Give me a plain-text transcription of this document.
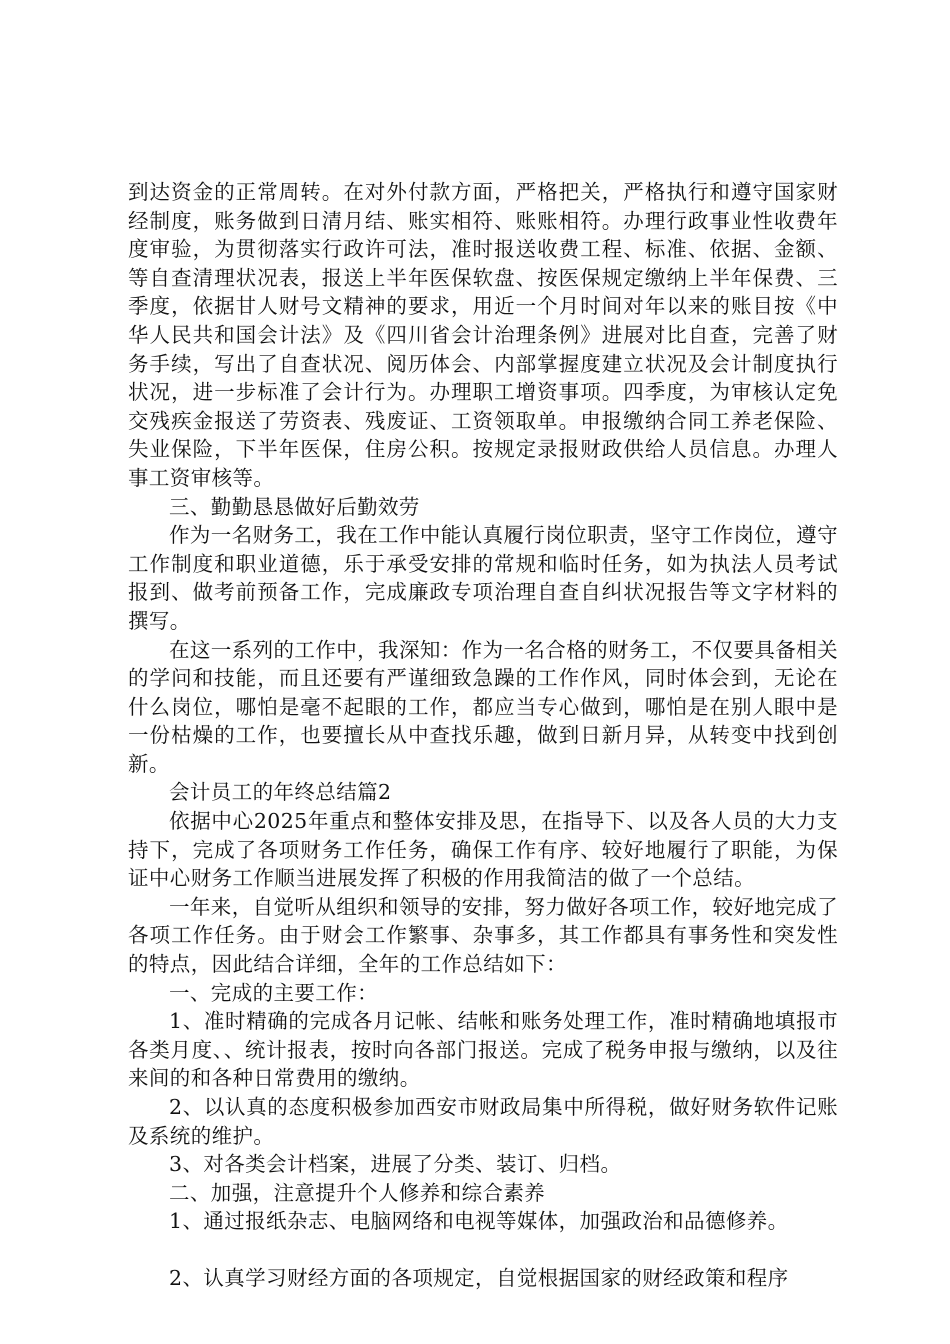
到达资金的正常周转。在对外付款方面，严格把关，严格执行和遵守国家财经制度，账务做到日清月结、账实相符、账账相符。办理行政事业性收费年度审验，为贯彻落实行政许可法，准时报送收费工程、标准、依据、金额、等自查清理状况表，报送上半年医保软盘、按医保规定缴纳上半年保费、三季度，依据甘人财号文精神的要求，用近一个月时间对年以来的账目按《中华人民共和国会计法》及《四川省会计治理条例》进展对比自查，完善了财务手续，写出了自查状况、阅历体会、内部掌握度建立状况及会计制度执行状况，进一步标准了会计行为。办理职工增资事项。四季度，为审核认定免交残疾金报送了劳资表、残废证、工资领取单。申报缴纳合同工养老保险、失业保险，下半年医保，住房公积。按规定录报财政供给人员信息。办理人事工资审核等。

三、勤勤恳恳做好后勤效劳

作为一名财务工，我在工作中能认真履行岗位职责，坚守工作岗位，遵守工作制度和职业道德，乐于承受安排的常规和临时任务，如为执法人员考试报到、做考前预备工作，完成廉政专项治理自查自纠状况报告等文字材料的撰写。

在这一系列的工作中，我深知：作为一名合格的财务工，不仅要具备相关的学问和技能，而且还要有严谨细致急躁的工作作风，同时体会到，无论在什么岗位，哪怕是毫不起眼的工作，都应当专心做到，哪怕是在别人眼中是一份枯燥的工作，也要擅长从中查找乐趣，做到日新月异，从转变中找到创新。

会计员工的年终总结篇2

依据中心2025年重点和整体安排及思，在指导下、以及各人员的大力支持下，完成了各项财务工作任务，确保工作有序、较好地履行了职能，为保证中心财务工作顺当进展发挥了积极的作用我简洁的做了一个总结。

一年来，自觉听从组织和领导的安排，努力做好各项工作，较好地完成了各项工作任务。由于财会工作繁事、杂事多，其工作都具有事务性和突发性的特点，因此结合详细，全年的工作总结如下：

一、完成的主要工作：

1、准时精确的完成各月记帐、结帐和账务处理工作，准时精确地填报市各类月度、、统计报表，按时向各部门报送。完成了税务申报与缴纳，以及往来间的和各种日常费用的缴纳。

2、以认真的态度积极参加西安市财政局集中所得税，做好财务软件记账及系统的维护。

3、对各类会计档案，进展了分类、装订、归档。

二、加强，注意提升个人修养和综合素养

1、通过报纸杂志、电脑网络和电视等媒体，加强政治和品德修养。

2、认真学习财经方面的各项规定，自觉根据国家的财经政策和程序
